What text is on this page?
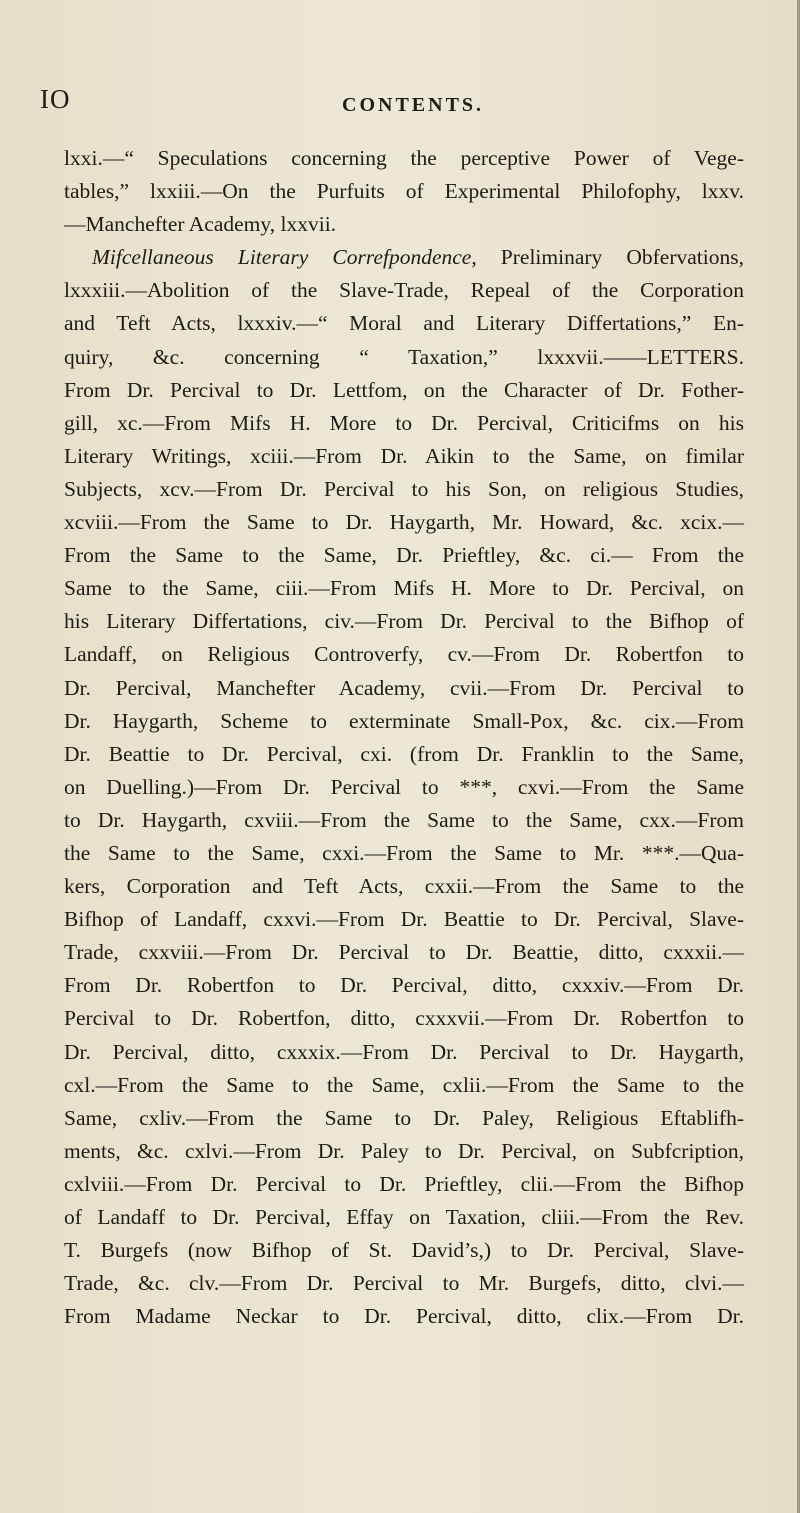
IO	CONTENTS.
lxxi.—“ Speculations concerning the perceptive Power of Vege-
tables,” lxxiii.—On the Purfuits of Experimental Philofophy, lxxv.
—Manchefter Academy, lxxvii.
Mifcellaneous Literary Correfpondence, Preliminary Obfervations,
lxxxiii.—Abolition of the Slave-Trade, Repeal of the Corporation
and Teft Acts, lxxxiv.—“ Moral and Literary Differtations,” En-
quiry, &c. concerning “ Taxation,” lxxxvii.——LETTERS.
From Dr. Percival to Dr. Lettfom, on the Character of Dr. Fother-
gill, xc.—From Mifs H. More to Dr. Percival, Criticifms on his
Literary Writings, xciii.—From Dr. Aikin to the Same, on fimilar
Subjects, xcv.—From Dr. Percival to his Son, on religious Studies,
xcviii.—From the Same to Dr. Haygarth, Mr. Howard, &c. xcix.—
From the Same to the Same, Dr. Prieftley, &c. ci.— From the
Same to the Same, ciii.—From Mifs H. More to Dr. Percival, on
his Literary Differtations, civ.—From Dr. Percival to the Bifhop of
Landaff, on Religious Controverfy, cv.—From Dr. Robertfon to
Dr. Percival, Manchefter Academy, cvii.—From Dr. Percival to
Dr. Haygarth, Scheme to exterminate Small-Pox, &c. cix.—From
Dr. Beattie to Dr. Percival, cxi. (from Dr. Franklin to the Same,
on Duelling.)—From Dr. Percival to ***, cxvi.—From the Same
to Dr. Haygarth, cxviii.—From the Same to the Same, cxx.—From
the Same to the Same, cxxi.—From the Same to Mr. ***.—Qua-
kers, Corporation and Teft Acts, cxxii.—From the Same to the
Bifhop of Landaff, cxxvi.—From Dr. Beattie to Dr. Percival, Slave-
Trade, cxxviii.—From Dr. Percival to Dr. Beattie, ditto, cxxxii.—
From Dr. Robertfon to Dr. Percival, ditto, cxxxiv.—From Dr.
Percival to Dr. Robertfon, ditto, cxxxvii.—From Dr. Robertfon to
Dr. Percival, ditto, cxxxix.—From Dr. Percival to Dr. Haygarth,
cxl.—From the Same to the Same, cxlii.—From the Same to the
Same, cxliv.—From the Same to Dr. Paley, Religious Eftablifh-
ments, &c. cxlvi.—From Dr. Paley to Dr. Percival, on Subfcription,
cxlviii.—From Dr. Percival to Dr. Prieftley, clii.—From the Bifhop
of Landaff to Dr. Percival, Effay on Taxation, cliii.—From the Rev.
T. Burgefs (now Bifhop of St. David’s,) to Dr. Percival, Slave-
Trade, &c. clv.—From Dr. Percival to Mr. Burgefs, ditto, clvi.—
From Madame Neckar to Dr. Percival, ditto, clix.—From Dr.
